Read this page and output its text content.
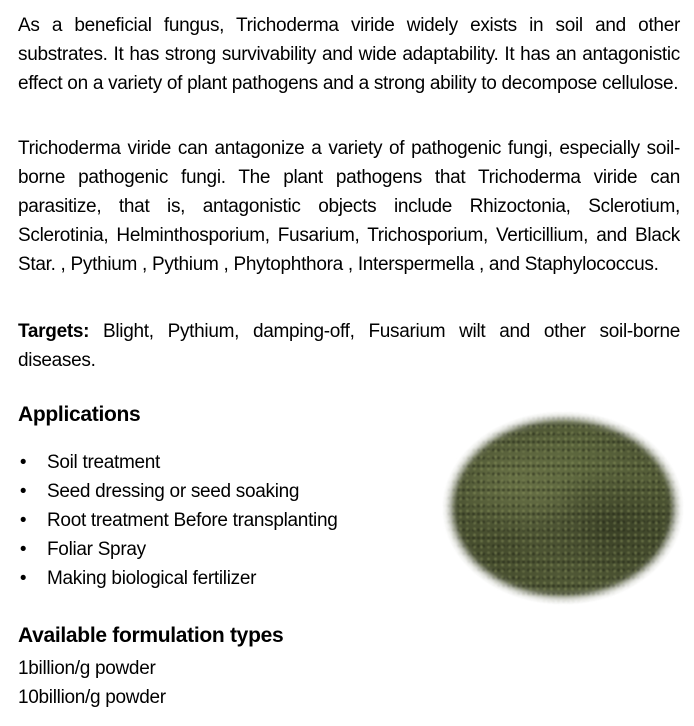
As a beneficial fungus, Trichoderma viride widely exists in soil and other substrates. It has strong survivability and wide adaptability. It has an antagonistic effect on a variety of plant pathogens and a strong ability to decompose cellulose.

Trichoderma viride can antagonize a variety of pathogenic fungi, especially soil-borne pathogenic fungi. The plant pathogens that Trichoderma viride can parasitize, that is, antagonistic objects include Rhizoctonia, Sclerotium, Sclerotinia, Helminthosporium, Fusarium, Trichosporium, Verticillium, and Black Star. , Pythium , Pythium , Phytophthora , Interspermella , and Staphylococcus.

Targets: Blight, Pythium, damping-off, Fusarium wilt and other soil-borne diseases.

Applications
• Soil treatment
• Seed dressing or seed soaking
• Root treatment Before transplanting
• Foliar Spray
• Making biological fertilizer
Available formulation types
1billion/g powder
10billion/g powder
